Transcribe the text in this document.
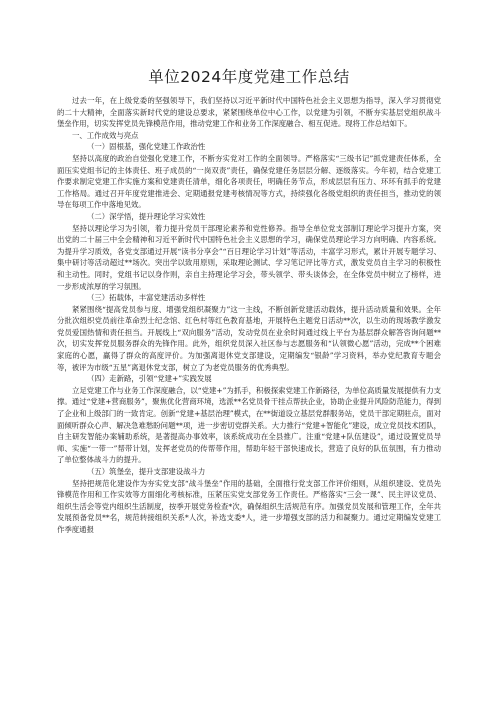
单位2024年度党建工作总结

过去一年，在上级党委的坚强领导下，我们坚持以习近平新时代中国特色社会主义思想为指导，深入学习贯彻党的二十大精神，全面落实新时代党的建设总要求，紧紧围绕单位中心工作，以党建为引领，不断夯实基层党组织战斗堡垒作用，切实发挥党员先锋模范作用，推动党建工作和业务工作深度融合、相互促进。现将工作总结如下。

一、工作成效与亮点

（一）固根基，强化党建工作政治性

坚持以高度的政治自觉强化党建工作，不断夯实党对工作的全面领导。严格落实“三级书记”抓党建责任体系，全面压实党组书记的主体责任、班子成员的“一岗双责”责任，确保党建任务层层分解、逐级落实。今年初，结合党建工作要求制定党建工作实施方案和党建责任清单，细化各项责任，明确任务节点，形成层层有压力、环环有抓手的党建工作格局。通过召开年度党建推进会、定期通报党建考核情况等方式，持续强化各级党组织的责任担当，推动党的领导在每项工作中落地见效。

（二）深学悟，提升理论学习实效性

坚持以理论学习为引领，着力提升党员干部理论素养和党性修养。指导全单位党支部制订理论学习提升方案，突出党的二十届三中全会精神和习近平新时代中国特色社会主义思想的学习，确保党员理论学习方向明确、内容系统。为提升学习质效，各党支部通过开展“读书分享会”“百日理论学习计划”等活动，丰富学习形式，累计开展专题学习、集中研讨等活动超过**场次。突出学以致用原则，采取理论测试、学习笔记评比等方式，激发党员自主学习的积极性和主动性。同时，党组书记以身作则，亲自主持理论学习会，带头领学、带头谈体会，在全体党员中树立了榜样，进一步形成浓厚的学习氛围。

（三）拓载体，丰富党建活动多样性

紧紧围绕“提高党员参与度、增强党组织凝聚力”这一主线，不断创新党建活动载体，提升活动质量和效果。全年分批次组织党员前往革命烈士纪念馆、红色村等红色教育基地，开展特色主题党日活动**次，以生动的现场教学激发党员爱国热情和责任担当。开展线上“双向服务”活动，发动党员在业余时间通过线上平台为基层群众解答咨询问题**次，切实发挥党员服务群众的先锋作用。此外，组织党员深入社区参与志愿服务和“认领微心愿”活动，完成**个困难家庭的心愿，赢得了群众的高度评价。为加强离退休党支部建设，定期编发“银龄”学习资料，举办党纪教育专题会等，被评为市级“五星”离退休党支部，树立了为老党员服务的优秀典型。

（四）走新路，引领“党建+”实践发展

立足党建工作与业务工作深度融合，以“党建+”为抓手，积极探索党建工作新路径，为单位高质量发展提供有力支撑。通过“党建+营商服务”，聚焦优化营商环境，选派**名党员骨干挂点帮扶企业，协助企业提升风险防范能力，得到了企业和上级部门的一致肯定。创新“党建+基层治理”模式，在**街道设立基层党群服务站，党员干部定期驻点，面对面倾听群众心声、解决急难愁盼问题**项，进一步密切党群关系。大力推行“党建+智能化”建设，成立党员技术团队，自主研发智能办案辅助系统，是著提高办事效率，该系统成功在全县推广。注重“党建+队伍建设”，通过设置党员导师、实施“一带一”帮带计划，发挥老党员的传帮带作用，帮助年轻干部快速成长，营造了良好的队伍氛围，有力推动了单位整体战斗力的提升。

（五）筑堡垒，提升支部建设战斗力

坚持把规范化建设作为夯实党支部“战斗堡垒”作用的基础，全面推行党支部工作评价细则，从组织建设、党员先锋模范作用和工作实效等方面细化考核标准，压紧压实党支部党务工作责任。严格落实“三会一课”、民主评议党员、组织生活会等党内组织生活制度，按季开展党务检查*次，确保组织生活规范有序。加强党员发展和管理工作，全年共发展预备党员**名，规范转接组织关系*人次，补选支委*人，进一步增强支部的活力和凝聚力。通过定期编发党建工作季度通报
